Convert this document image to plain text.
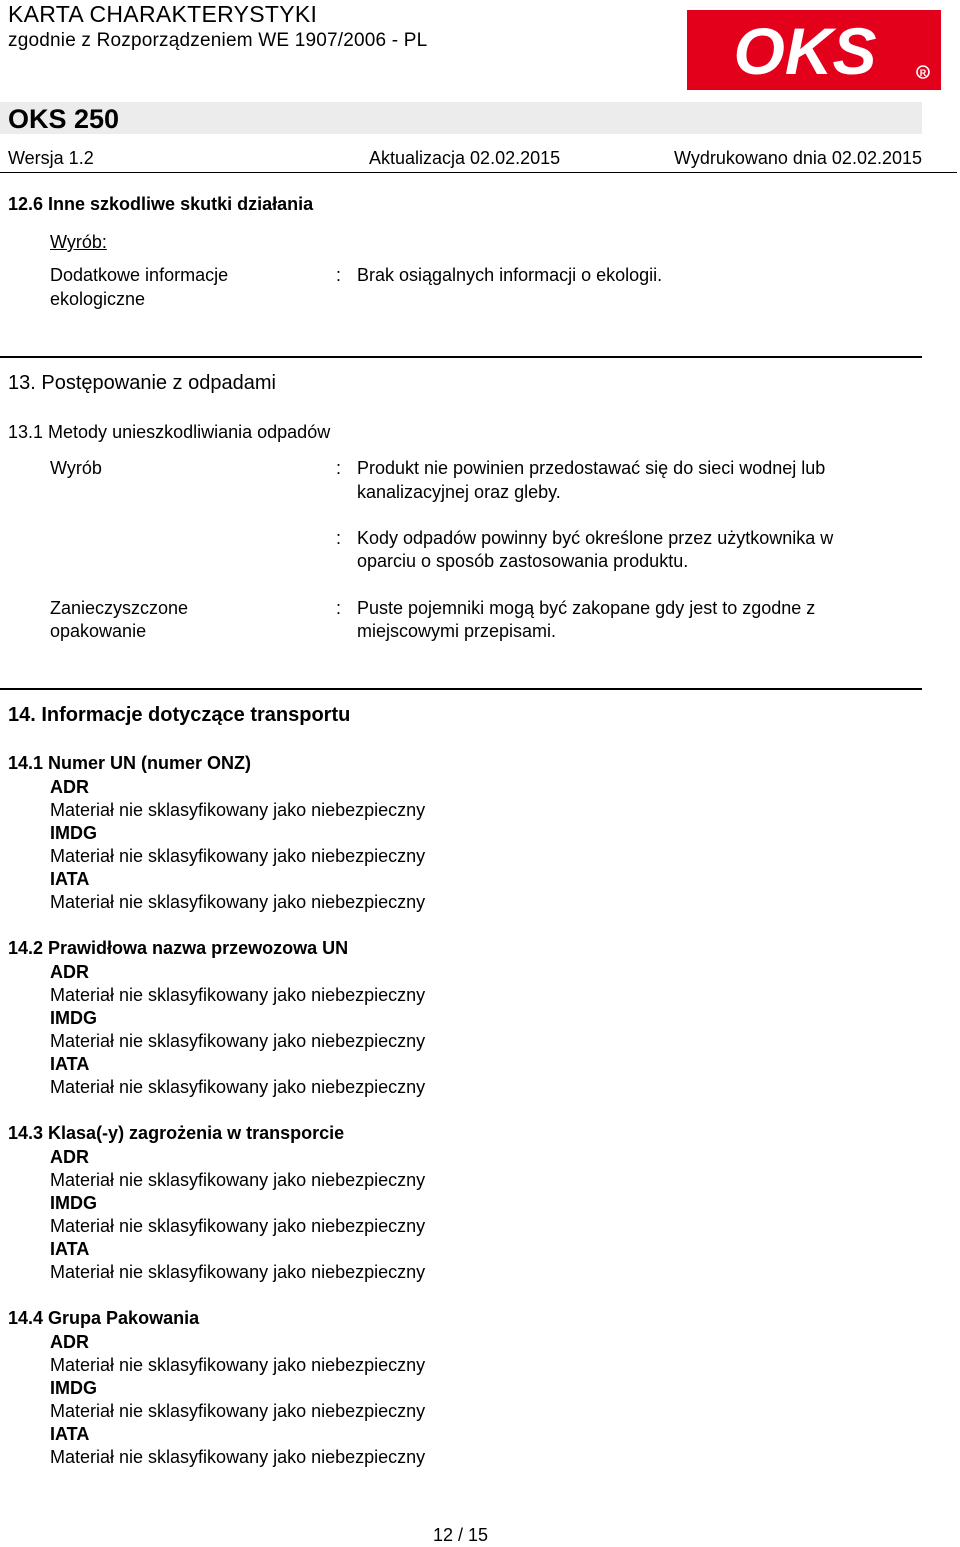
KARTA CHARAKTERYSTYKI
zgodnie z Rozporządzeniem WE 1907/2006 - PL	OKS	R
OKS 250
Wersja 1.2	Aktualizacja 02.02.2015	Wydrukowano dnia 02.02.2015
12.6 Inne szkodliwe skutki działania
Wyrób:
Dodatkowe informacje
ekologiczne
: Brak osiągalnych informacji o ekologii.
13. Postępowanie z odpadami
13.1 Metody unieszkodliwiania odpadów
Wyrób	: Produkt nie powinien przedostawać się do sieci wodnej lub
kanalizacyjnej oraz gleby.
: Kody odpadów powinny być określone przez użytkownika w
oparciu o sposób zastosowania produktu.
Zanieczyszczone
opakowanie
: Puste pojemniki mogą być zakopane gdy jest to zgodne z
miejscowymi przepisami.
14. Informacje dotyczące transportu
14.1 Numer UN (numer ONZ)
ADR
Materiał nie sklasyfikowany jako niebezpieczny
IMDG
Materiał nie sklasyfikowany jako niebezpieczny
IATA
Materiał nie sklasyfikowany jako niebezpieczny
14.2 Prawidłowa nazwa przewozowa UN
ADR
Materiał nie sklasyfikowany jako niebezpieczny
IMDG
Materiał nie sklasyfikowany jako niebezpieczny
IATA
Materiał nie sklasyfikowany jako niebezpieczny
14.3 Klasa(-y) zagrożenia w transporcie
ADR
Materiał nie sklasyfikowany jako niebezpieczny
IMDG
Materiał nie sklasyfikowany jako niebezpieczny
IATA
Materiał nie sklasyfikowany jako niebezpieczny
14.4 Grupa Pakowania
ADR
Materiał nie sklasyfikowany jako niebezpieczny
IMDG
Materiał nie sklasyfikowany jako niebezpieczny
IATA
Materiał nie sklasyfikowany jako niebezpieczny
12 / 15
